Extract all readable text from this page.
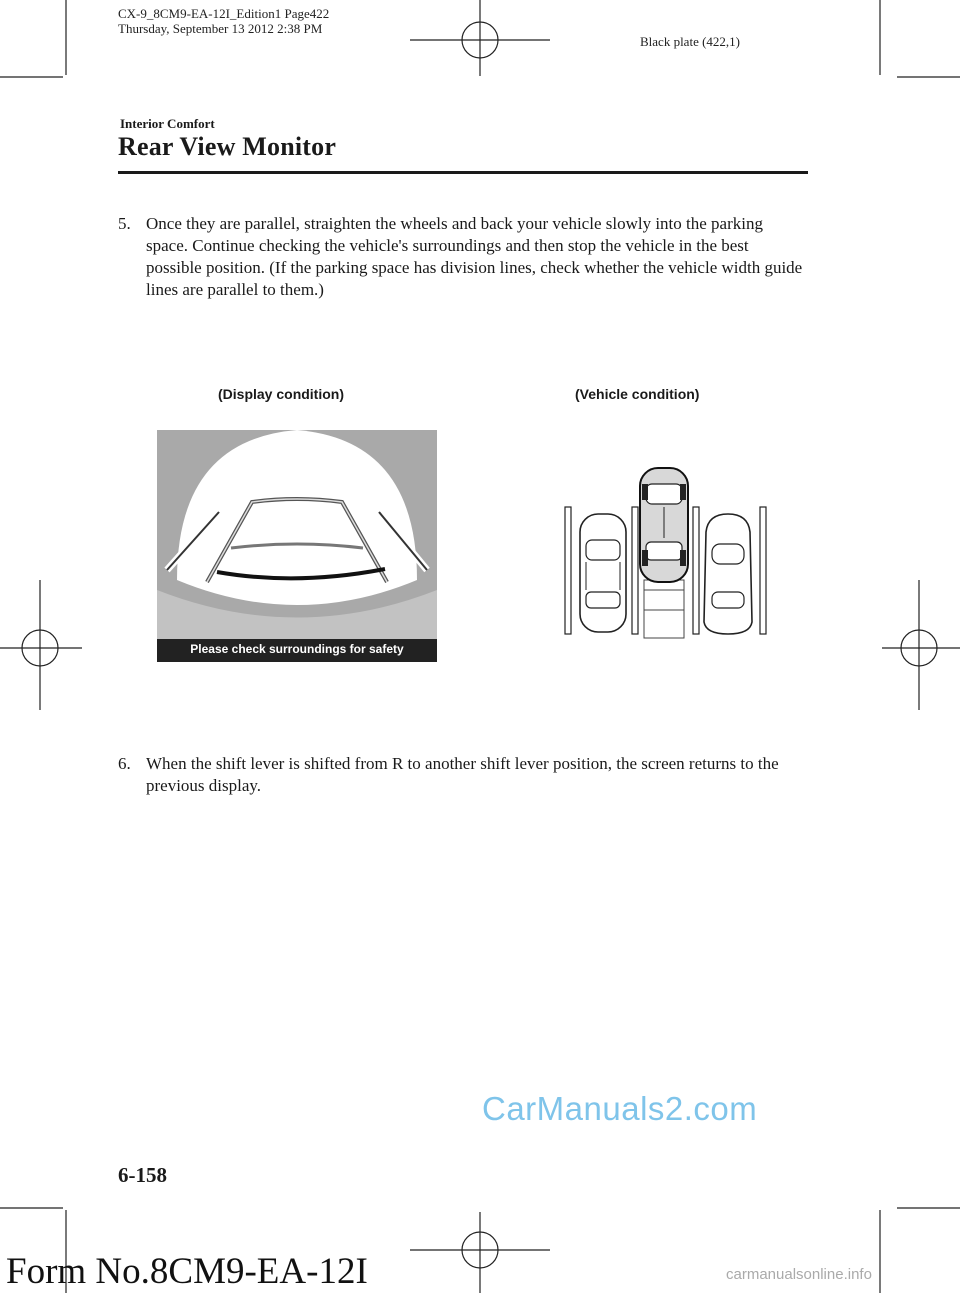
CX-9_8CM9-EA-12I_Edition1 Page422
Thursday, September 13 2012 2:38 PM
Black plate (422,1)
Interior Comfort
Rear View Monitor
5. Once they are parallel, straighten the wheels and back your vehicle slowly into the parking space. Continue checking the vehicle's surroundings and then stop the vehicle in the best possible position. (If the parking space has division lines, check whether the vehicle width guide lines are parallel to them.)
(Display condition)	(Vehicle condition)
Please check surroundings for safety
6. When the shift lever is shifted from R to another shift lever position, the screen returns to the previous display.
CarManuals2.com
6-158
Form No.8CM9-EA-12I	carmanualsonline.info
